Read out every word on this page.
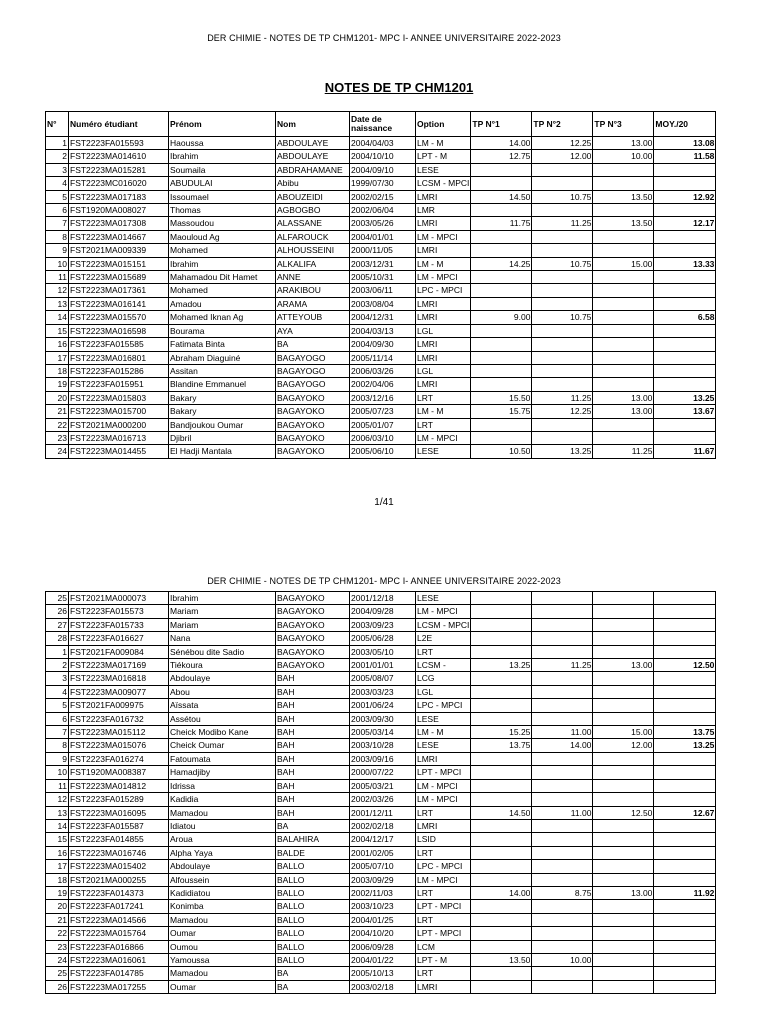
DER CHIMIE - NOTES DE TP CHM1201- MPC I- ANNEE UNIVERSITAIRE 2022-2023
NOTES DE TP CHM1201
N°	Numéro étudiant	Prénom	Nom	Date de naissance	Option	TP N°1	TP N°2	TP N°3	MOY./20
1	FST2223FA015593	Haoussa	ABDOULAYE	2004/04/03	LM - M	14.00	12.25	13.00	13.08
2	FST2223MA014610	Ibrahim	ABDOULAYE	2004/10/10	LPT - M	12.75	12.00	10.00	11.58
3	FST2223MA015281	Soumaila	ABDRAHAMANE	2004/09/10	LESE				
4	FST2223MC016020	ABUDULAI	Abibu	1999/07/30	LCSM - MPCI				
5	FST2223MA017183	Issoumael	ABOUZEIDI	2002/02/15	LMRI	14.50	10.75	13.50	12.92
6	FST1920MA008027	Thomas	AGBOGBO	2002/06/04	LMR				
7	FST2223MA017308	Massoudou	ALASSANE	2003/05/26	LMRI	11.75	11.25	13.50	12.17
8	FST2223MA014667	Maouloud Ag	ALFAROUCK	2004/01/01	LM - MPCI				
9	FST2021MA009339	Mohamed	ALHOUSSEINI	2000/11/05	LMRI				
10	FST2223MA015151	Ibrahim	ALKALIFA	2003/12/31	LM - M	14.25	10.75	15.00	13.33
11	FST2223MA015689	Mahamadou Dit Hamet	ANNE	2005/10/31	LM - MPCI				
12	FST2223MA017361	Mohamed	ARAKIBOU	2003/06/11	LPC - MPCI				
13	FST2223MA016141	Amadou	ARAMA	2003/08/04	LMRI				
14	FST2223MA015570	Mohamed Iknan Ag	ATTEYOUB	2004/12/31	LMRI	9.00	10.75		6.58
15	FST2223MA016598	Bourama	AYA	2004/03/13	LGL				
16	FST2223FA015585	Fatimata Binta	BA	2004/09/30	LMRI				
17	FST2223MA016801	Abraham Diaguiné	BAGAYOGO	2005/11/14	LMRI				
18	FST2223FA015286	Assitan	BAGAYOGO	2006/03/26	LGL				
19	FST2223FA015951	Blandine Emmanuel	BAGAYOGO	2002/04/06	LMRI				
20	FST2223MA015803	Bakary	BAGAYOKO	2003/12/16	LRT	15.50	11.25	13.00	13.25
21	FST2223MA015700	Bakary	BAGAYOKO	2005/07/23	LM - M	15.75	12.25	13.00	13.67
22	FST2021MA000200	Bandjoukou Oumar	BAGAYOKO	2005/01/07	LRT				
23	FST2223MA016713	Djibril	BAGAYOKO	2006/03/10	LM - MPCI				
24	FST2223MA014455	El Hadji Mantala	BAGAYOKO	2005/06/10	LESE	10.50	13.25	11.25	11.67
1/41
DER CHIMIE - NOTES DE TP CHM1201- MPC I- ANNEE UNIVERSITAIRE 2022-2023
25	FST2021MA000073	Ibrahim	BAGAYOKO	2001/12/18	LESE				
26	FST2223FA015573	Mariam	BAGAYOKO	2004/09/28	LM - MPCI				
27	FST2223FA015733	Mariam	BAGAYOKO	2003/09/23	LCSM - MPCI				
28	FST2223FA016627	Nana	BAGAYOKO	2005/06/28	L2E				
1	FST2021FA009084	Sénébou dite Sadio	BAGAYOKO	2003/05/10	LRT				
2	FST2223MA017169	Tiékoura	BAGAYOKO	2001/01/01	LCSM -	13.25	11.25	13.00	12.50
3	FST2223MA016818	Abdoulaye	BAH	2005/08/07	LCG				
4	FST2223MA009077	Abou	BAH	2003/03/23	LGL				
5	FST2021FA009975	Aïssata	BAH	2001/06/24	LPC - MPCI				
6	FST2223FA016732	Assétou	BAH	2003/09/30	LESE				
7	FST2223MA015112	Cheick Modibo Kane	BAH	2005/03/14	LM - M	15.25	11.00	15.00	13.75
8	FST2223MA015076	Cheick Oumar	BAH	2003/10/28	LESE	13.75	14.00	12.00	13.25
9	FST2223FA016274	Fatoumata	BAH	2003/09/16	LMRI				
10	FST1920MA008387	Hamadjiby	BAH	2000/07/22	LPT - MPCI				
11	FST2223MA014812	Idrissa	BAH	2005/03/21	LM - MPCI				
12	FST2223FA015289	Kadidia	BAH	2002/03/26	LM - MPCI				
13	FST2223MA016095	Mamadou	BAH	2001/12/11	LRT	14.50	11.00	12.50	12.67
14	FST2223FA015587	Idiatou	BA	2002/02/18	LMRI				
15	FST2223FA014855	Aroua	BALAHIRA	2004/12/17	LSID				
16	FST2223MA016746	Alpha Yaya	BALDE	2001/02/05	LRT				
17	FST2223MA015402	Abdoulaye	BALLO	2005/07/10	LPC - MPCI				
18	FST2021MA000255	Alfoussein	BALLO	2003/09/29	LM - MPCI				
19	FST2223FA014373	Kadidiatou	BALLO	2002/11/03	LRT	14.00	8.75	13.00	11.92
20	FST2223FA017241	Konimba	BALLO	2003/10/23	LPT - MPCI				
21	FST2223MA014566	Mamadou	BALLO	2004/01/25	LRT				
22	FST2223MA015764	Oumar	BALLO	2004/10/20	LPT - MPCI				
23	FST2223FA016866	Oumou	BALLO	2006/09/28	LCM				
24	FST2223MA016061	Yamoussa	BALLO	2004/01/22	LPT - M	13.50	10.00		
25	FST2223FA014785	Mamadou	BA	2005/10/13	LRT				
26	FST2223MA017255	Oumar	BA	2003/02/18	LMRI				
